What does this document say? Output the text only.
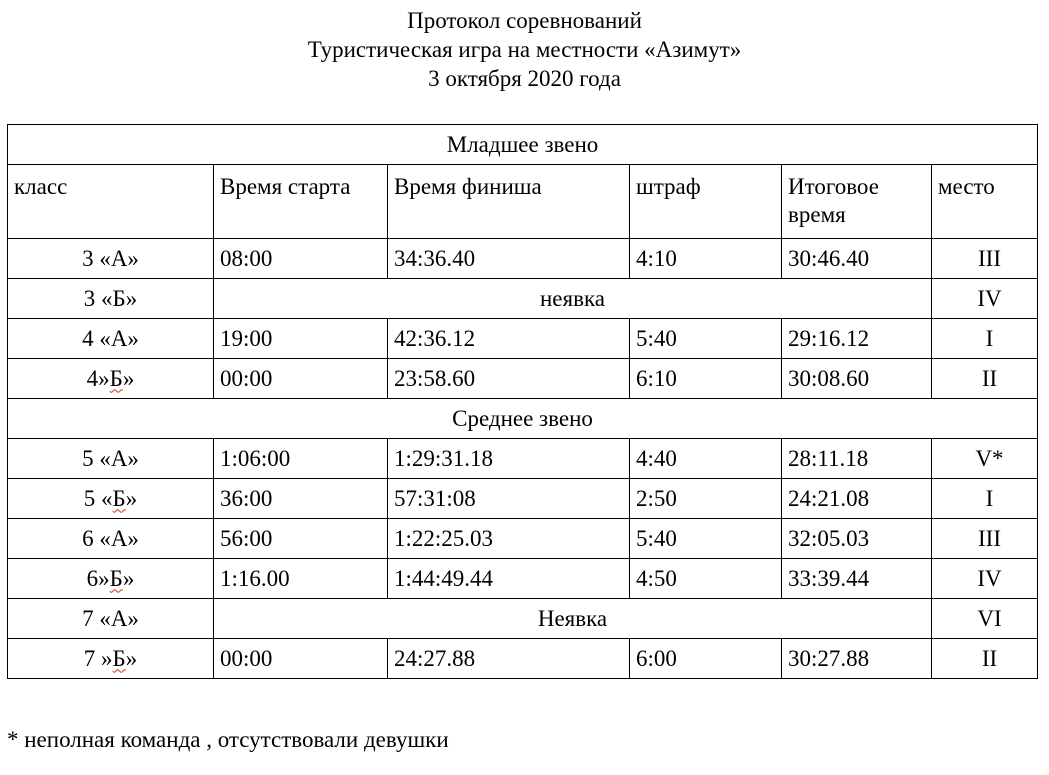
Протокол соревнований
Туристическая игра на местности «Азимут»
3 октября 2020 года
Младшее звено					
класс	Время старта	Время финиша	штраф	Итоговое время	место
3 «А»	08:00	34:36.40	4:10	30:46.40	III
3 «Б»	неявка				IV
4 «А»	19:00	42:36.12	5:40	29:16.12	I
4»Б»	00:00	23:58.60	6:10	30:08.60	II
Среднее звено					
5 «А»	1:06:00	1:29:31.18	4:40	28:11.18	V*
5 «Б»	36:00	57:31:08	2:50	24:21.08	I
6 «А»	56:00	1:22:25.03	5:40	32:05.03	III
6»Б»	1:16.00	1:44:49.44	4:50	33:39.44	IV
7 «А»	Неявка				VI
7 »Б»	00:00	24:27.88	6:00	30:27.88	II
* неполная команда , отсутствовали девушки
